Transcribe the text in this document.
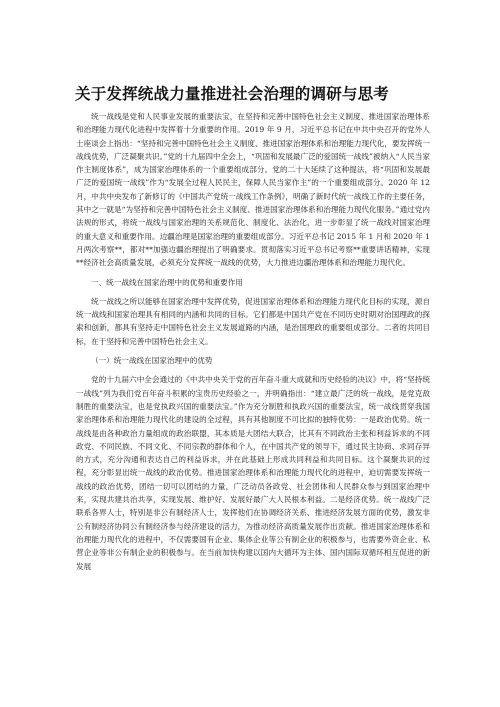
关于发挥统战力量推进社会治理的调研与思考

统一战线是党和人民事业发展的重要法宝，在坚持和完善中国特色社会主义制度、推进国家治理体系和治理能力现代化进程中发挥着十分重要的作用。2019 年 9 月，习近平总书记在中共中央召开的党外人士座谈会上指出：“坚持和完善中国特色社会主义制度、推进国家治理体系和治理能力现代化，要发挥统一战线优势，广泛凝聚共识。”党的十九届四中全会上，“巩固和发展最广泛的爱国统一战线”被纳入“人民当家作主制度体系”，成为国家治理体系的一个重要组成部分。党的二十大延续了这种提法，将“巩固和发展最广泛的爱国统一战线”作为“发展全过程人民民主，保障人民当家作主”的一个重要组成部分。2020 年 12 月，中共中央发布了新修订的《中国共产党统一战线工作条例》，明确了新时代统一战线工作的主要任务，其中之一就是“为坚持和完善中国特色社会主义制度、推进国家治理体系和治理能力现代化服务。”通过党内法规的形式，将统一战线与国家治理的关系规范化、制度化、法治化，进一步彰显了统一战线对国家治理的重大意义和重要作用。边疆治理是国家治理的重要组成部分。习近平总书记 2015 年 1 月和 2020 年 1 月两次考察**，都对**加强边疆治理提出了明确要求。贯彻落实习近平总书记考察**重要讲话精神，实现**经济社会高质量发展，必须充分发挥统一战线的优势，大力推进边疆治理体系和治理能力现代化。

一、统一战线在国家治理中的优势和重要作用

统一战线之所以能够在国家治理中发挥优势，促进国家治理体系和治理能力现代化目标的实现，源自统一战线和国家治理具有相同的内涵和共同的目标。它们都是中国共产党在不同历史时期对治国理政的探索和创新，都具有坚持走中国特色社会主义发展道路的内涵，是治国理政的重要组成部分。二者的共同目标，在于坚持和完善中国特色社会主义。

（一）统一战线在国家治理中的优势

党的十九届六中全会通过的《中共中央关于党的百年奋斗重大成就和历史经验的决议》中，将“坚持统一战线”列为我们党百年奋斗积累的宝贵历史经验之一，并明确指出：“建立最广泛的统一战线，是党克敌制胜的重要法宝，也是党执政兴国的重要法宝。”作为充分制胜和执政兴国的重要法宝，统一战线贯穿我国家治理体系和治理能力现代化的建设的全过程，具有其他制度不可比拟的独特优势：一是政治优势。统一战线是由各种政治力量组成的政治联盟，其本质是大团结大联合，比其有不同政治主张和利益诉求的不同政党、不同民族、不同文化、不同宗教的群体和个人，在中国共产党的领导下，通过民主协商、求同存异的方式，充分沟通和表达自己的利益诉求，并在此基础上形成共同利益和共同目标。这个凝聚共识的过程，充分彰显出统一战线的政治优势。推进国家治理体系和治理能力现代化的进程中，迫切需要发挥统一战线的政治优势，团结一切可以团结的力量，广泛动员各政党、社会团体和人民群众参与到国家治理中来，实现共建共治共享，实现发展、维护好、发展好最广大人民根本利益。二是经济优势。统一战线广泛联系各界人士，特别是非公有制经济人士，发挥他们在协调经济关系、推进经济发展方面的优势，激发非公有制经济协同公有制经济参与经济建设的活力，为推动经济高质量发展作出贡献。推进国家治理体系和治理能力现代化的进程中，不仅需要国有企业、集体企业等公有制企业的积极参与，也需要外资企业、私营企业等非公有制企业的积极参与。在当前加快构建以国内大循环为主体、国内国际双循环相互促进的新发展
